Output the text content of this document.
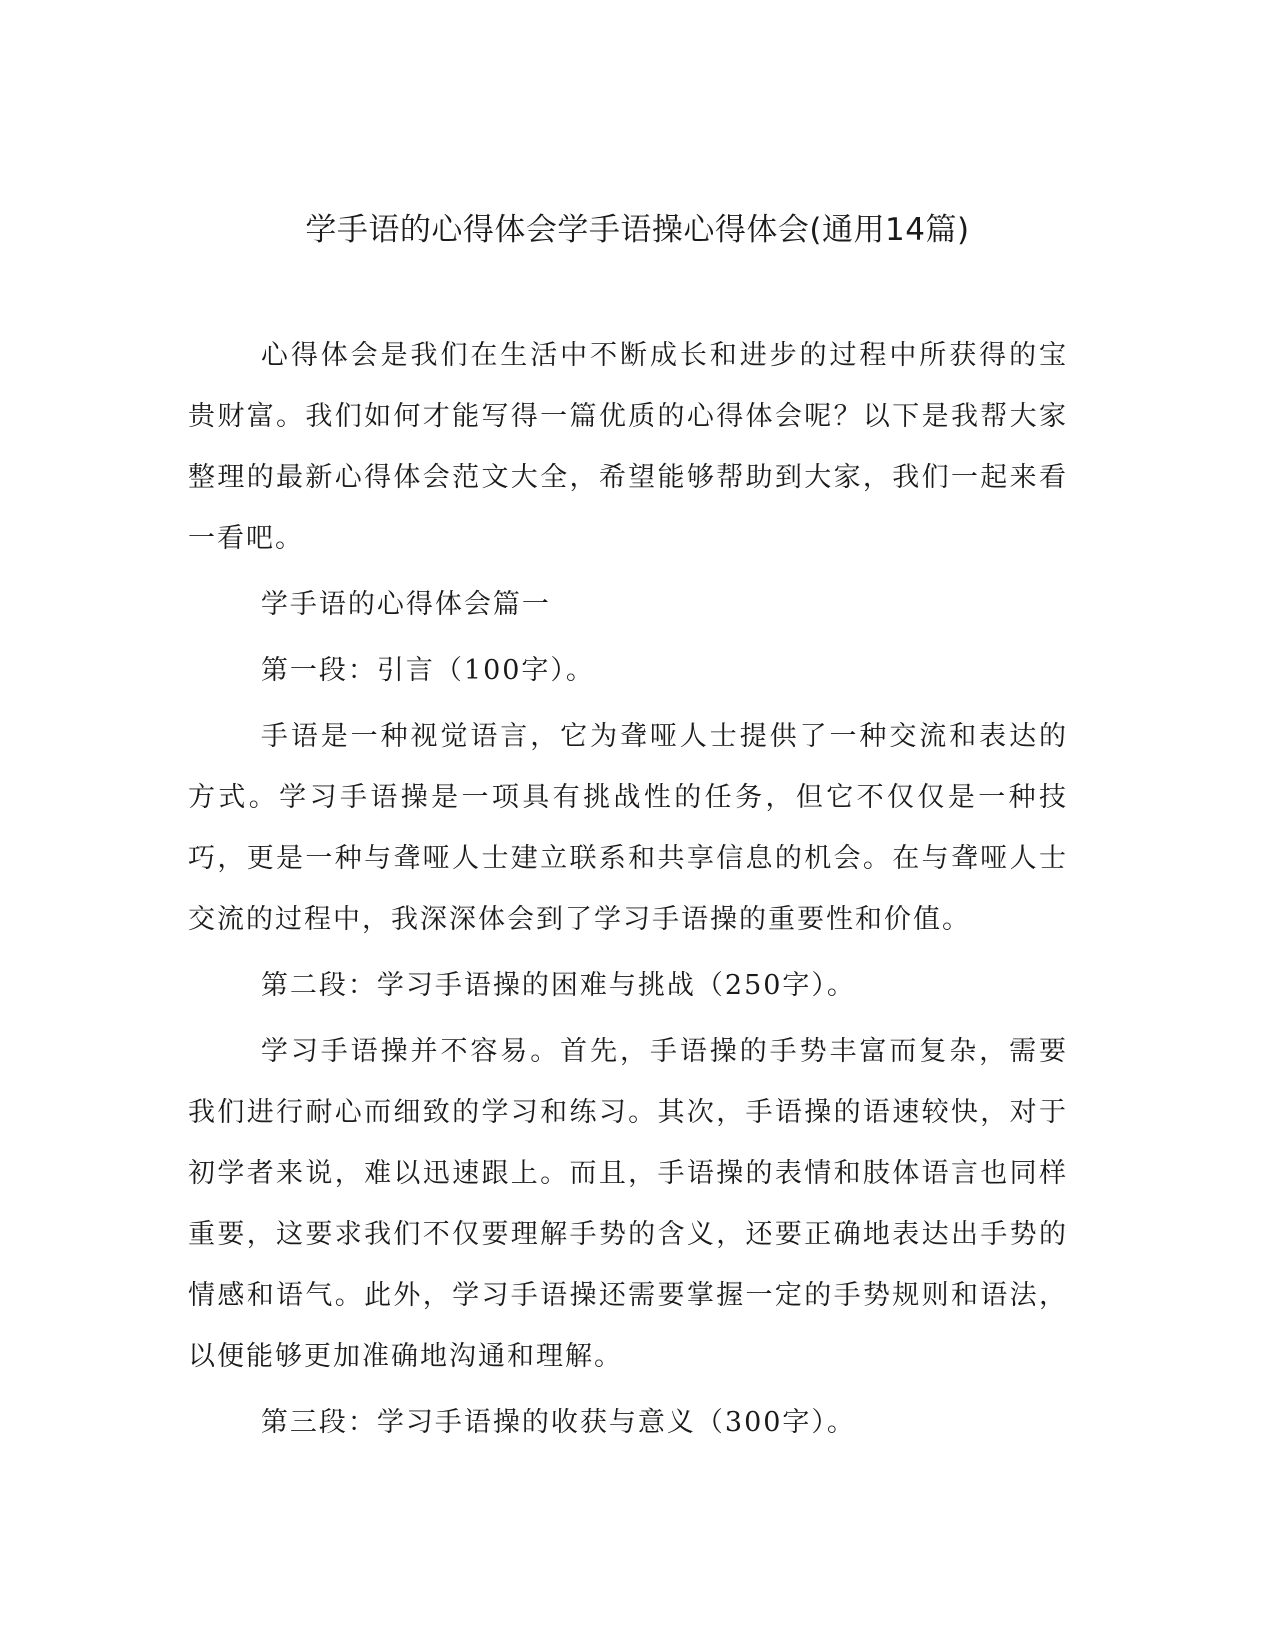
学手语的心得体会学手语操心得体会(通用14篇)

心得体会是我们在生活中不断成长和进步的过程中所获得的宝贵财富。我们如何才能写得一篇优质的心得体会呢？以下是我帮大家整理的最新心得体会范文大全，希望能够帮助到大家，我们一起来看一看吧。

学手语的心得体会篇一

第一段：引言（100字）。

手语是一种视觉语言，它为聋哑人士提供了一种交流和表达的方式。学习手语操是一项具有挑战性的任务，但它不仅仅是一种技巧，更是一种与聋哑人士建立联系和共享信息的机会。在与聋哑人士交流的过程中，我深深体会到了学习手语操的重要性和价值。

第二段：学习手语操的困难与挑战（250字）。

学习手语操并不容易。首先，手语操的手势丰富而复杂，需要我们进行耐心而细致的学习和练习。其次，手语操的语速较快，对于初学者来说，难以迅速跟上。而且，手语操的表情和肢体语言也同样重要，这要求我们不仅要理解手势的含义，还要正确地表达出手势的情感和语气。此外，学习手语操还需要掌握一定的手势规则和语法，以便能够更加准确地沟通和理解。

第三段：学习手语操的收获与意义（300字）。
